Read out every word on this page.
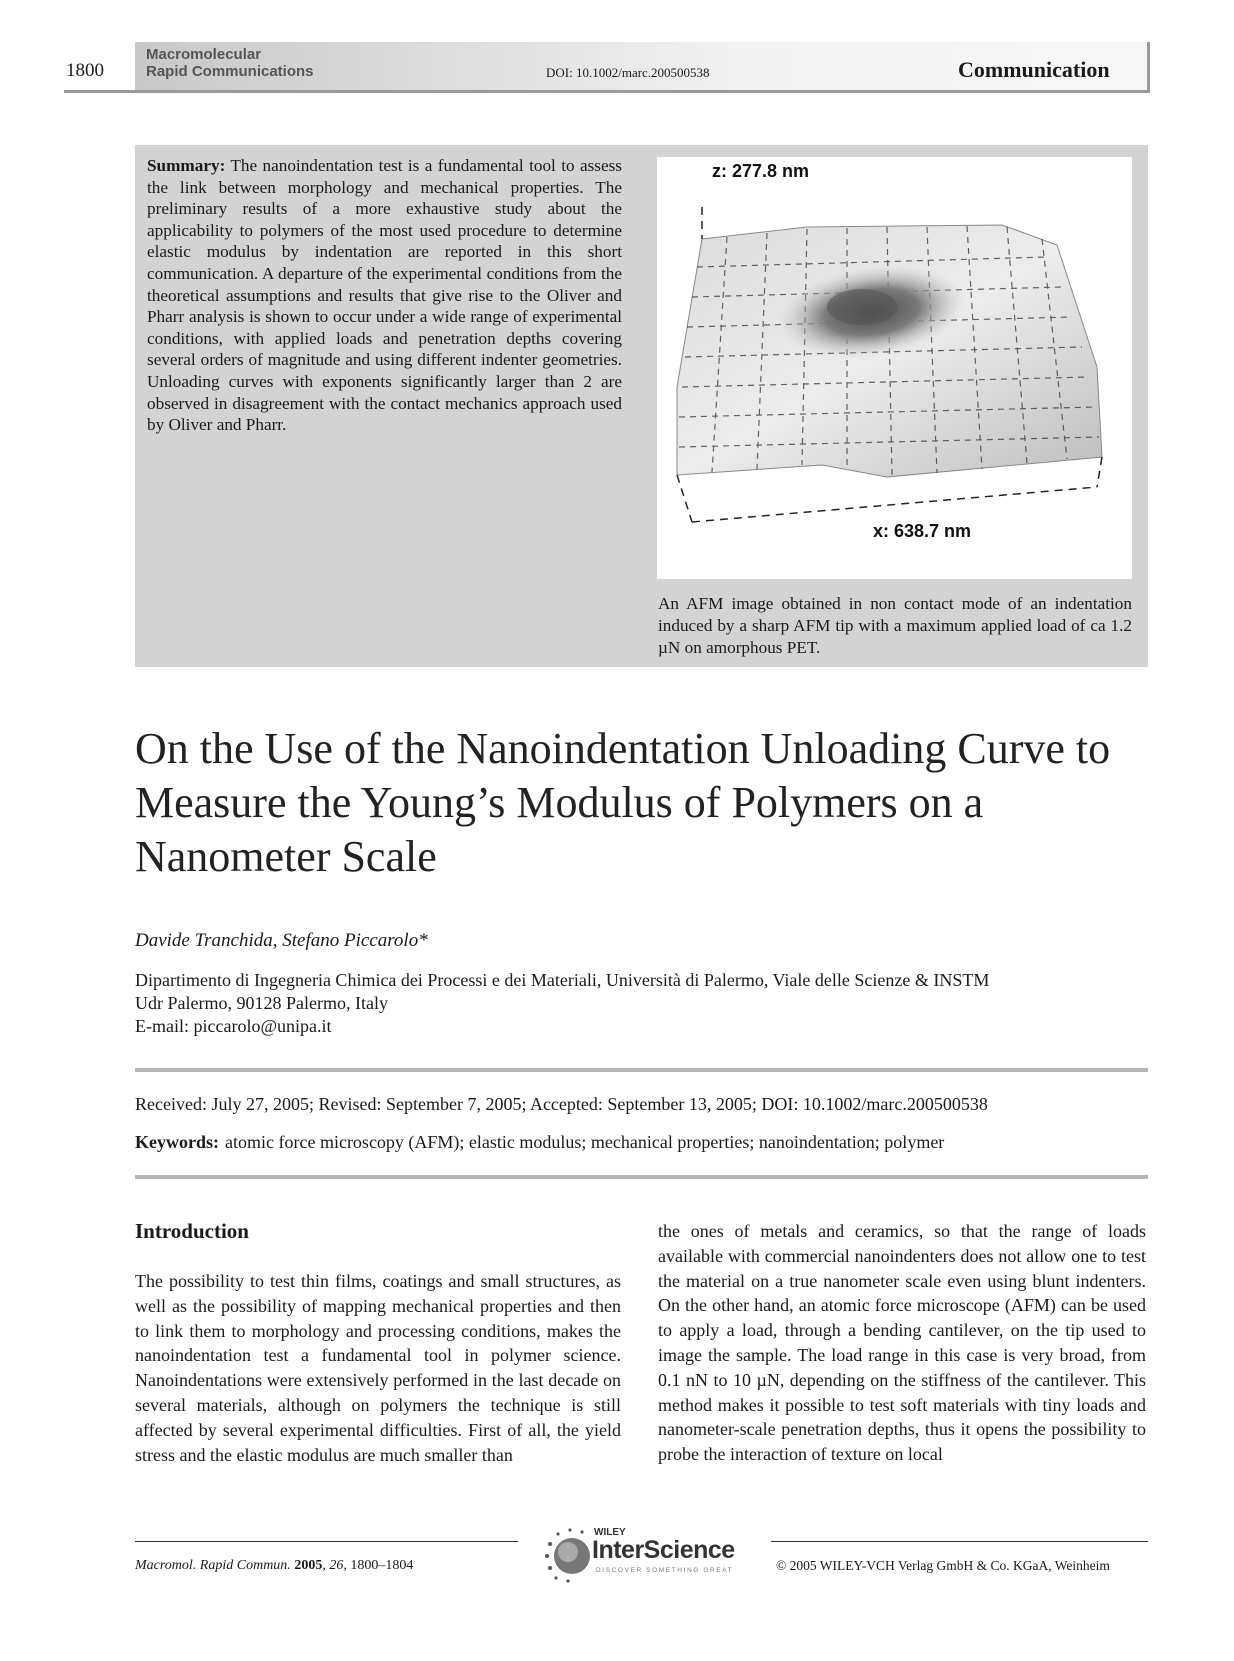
1800
Macromolecular
Rapid Communications	DOI: 10.1002/marc.200500538	Communication
Summary: The nanoindentation test is a fundamental tool to assess the link between morphology and mechanical properties. The preliminary results of a more exhaustive study about the applicability to polymers of the most used procedure to determine elastic modulus by indentation are reported in this short communication. A departure of the experimental conditions from the theoretical assumptions and results that give rise to the Oliver and Pharr analysis is shown to occur under a wide range of experimental conditions, with applied loads and penetration depths covering several orders of magnitude and using different indenter geometries. Unloading curves with exponents significantly larger than 2 are observed in disagreement with the contact mechanics approach used by Oliver and Pharr.
z: 277.8 nm
x: 638.7 nm
An AFM image obtained in non contact mode of an indentation induced by a sharp AFM tip with a maximum applied load of ca 1.2 µN on amorphous PET.
On the Use of the Nanoindentation Unloading Curve to Measure the Young’s Modulus of Polymers on a Nanometer Scale
Davide Tranchida, Stefano Piccarolo*
Dipartimento di Ingegneria Chimica dei Processi e dei Materiali, Università di Palermo, Viale delle Scienze & INSTM
Udr Palermo, 90128 Palermo, Italy
E-mail: piccarolo@unipa.it
Received: July 27, 2005; Revised: September 7, 2005; Accepted: September 13, 2005; DOI: 10.1002/marc.200500538
Keywords: atomic force microscopy (AFM); elastic modulus; mechanical properties; nanoindentation; polymer
Introduction
The possibility to test thin films, coatings and small structures, as well as the possibility of mapping mechanical properties and then to link them to morphology and processing conditions, makes the nanoindentation test a fundamental tool in polymer science. Nanoindentations were extensively performed in the last decade on several materials, although on polymers the technique is still affected by several experimental difficulties. First of all, the yield stress and the elastic modulus are much smaller than
the ones of metals and ceramics, so that the range of loads available with commercial nanoindenters does not allow one to test the material on a true nanometer scale even using blunt indenters. On the other hand, an atomic force microscope (AFM) can be used to apply a load, through a bending cantilever, on the tip used to image the sample. The load range in this case is very broad, from 0.1 nN to 10 µN, depending on the stiffness of the cantilever. This method makes it possible to test soft materials with tiny loads and nanometer-scale penetration depths, thus it opens the possibility to probe the interaction of texture on local
Macromol. Rapid Commun. 2005, 26, 1800–1804	© 2005 WILEY-VCH Verlag GmbH & Co. KGaA, Weinheim
WILEY
InterScience
DISCOVER SOMETHING GREAT
